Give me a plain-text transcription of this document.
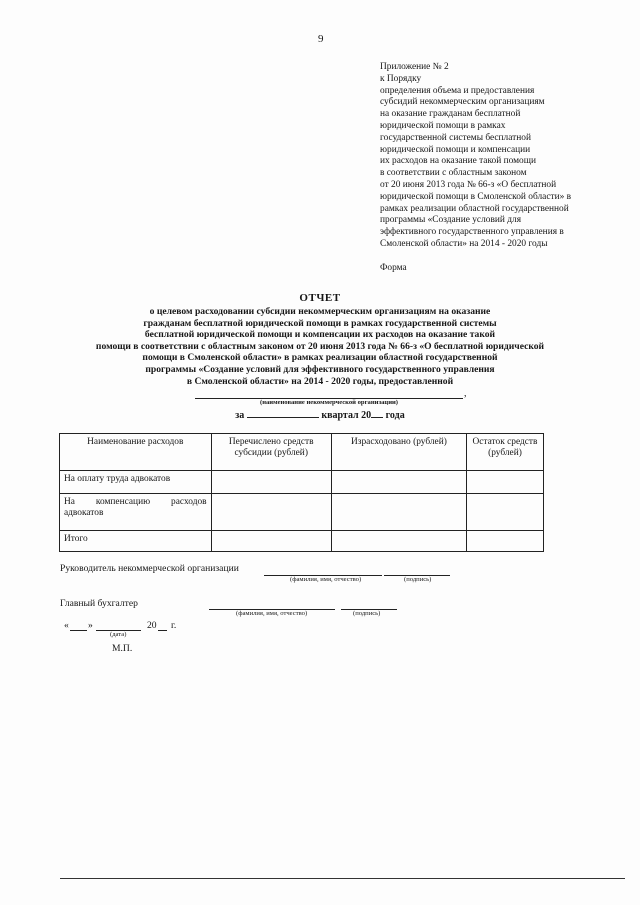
9
Приложение № 2
к Порядку
определения объема и предоставления
субсидий некоммерческим организациям
на оказание гражданам бесплатной
юридической помощи в рамках
государственной системы бесплатной
юридической помощи и компенсации
их расходов на оказание такой помощи
в соответствии с областным законом
от 20 июня 2013 года № 66-з «О бесплатной
юридической помощи в Смоленской области» в
рамках реализации областной государственной
программы «Создание условий для
эффективного государственного управления в
Смоленской области» на 2014 - 2020 годы
Форма
ОТЧЕТ
о целевом расходовании субсидии некоммерческим организациям на оказание
гражданам бесплатной юридической помощи в рамках государственной системы
бесплатной юридической помощи и компенсации их расходов на оказание такой
помощи в соответствии с областным законом от 20 июня 2013 года № 66-з «О бесплатной юридической
помощи в Смоленской области» в рамках реализации областной государственной
программы «Создание условий для эффективного государственного управления
в Смоленской области» на 2014 - 2020 годы, предоставленной
,
(наименование некоммерческой организации)
за	квартал 20 года
Наименование расходов	Перечислено средств субсидии (рублей)	Израсходовано (рублей)	Остаток средств (рублей)
На оплату труда адвокатов			
На компенсацию расходов адвокатов			
Итого			
Руководитель некоммерческой организации
(фамилия, имя, отчество)	(подпись)
Главный бухгалтер
(фамилия, имя, отчество)	(подпись)
« »	20 г.
(дата)
М.П.
